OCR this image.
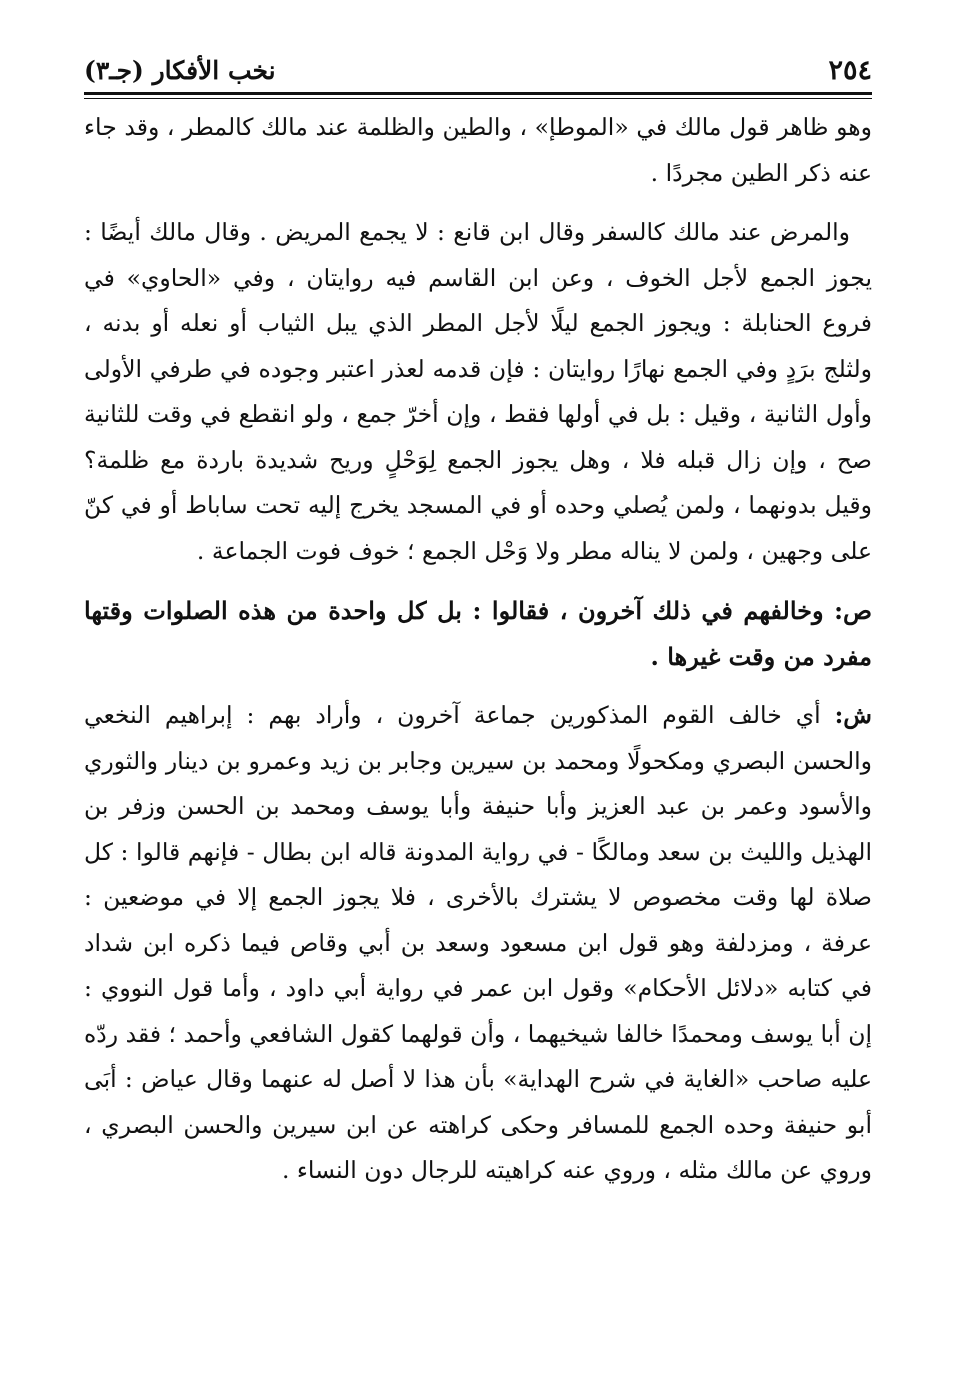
٢٥٤
نخب الأفكار (جـ٣)

وهو ظاهر قول مالك في «الموطإ» ، والطين والظلمة عند مالك كالمطر ، وقد جاء عنه ذكر الطين مجردًا .

والمرض عند مالك كالسفر وقال ابن قانع : لا يجمع المريض . وقال مالك أيضًا : يجوز الجمع لأجل الخوف ، وعن ابن القاسم فيه روايتان ، وفي «الحاوي» في فروع الحنابلة : ويجوز الجمع ليلًا لأجل المطر الذي يبل الثياب أو نعله أو بدنه ، ولثلج برَدٍ وفي الجمع نهارًا روايتان : فإن قدمه لعذر اعتبر وجوده في طرفي الأولى وأول الثانية ، وقيل : بل في أولها فقط ، وإن أخرّ جمع ، ولو انقطع في وقت للثانية صح ، وإن زال قبله فلا ، وهل يجوز الجمع لِوَحْلٍ وريح شديدة باردة مع ظلمة؟ وقيل بدونهما ، ولمن يُصلي وحده أو في المسجد يخرج إليه تحت ساباط أو في كنّ على وجهين ، ولمن لا يناله مطر ولا وَحْل الجمع ؛ خوف فوت الجماعة .

ص: وخالفهم في ذلك آخرون ، فقالوا : بل كل واحدة من هذه الصلوات وقتها مفرد من وقت غيرها .

ش: أي خالف القوم المذكورين جماعة آخرون ، وأراد بهم : إبراهيم النخعي والحسن البصري ومكحولًا ومحمد بن سيرين وجابر بن زيد وعمرو بن دينار والثوري والأسود وعمر بن عبد العزيز وأبا حنيفة وأبا يوسف ومحمد بن الحسن وزفر بن الهذيل والليث بن سعد ومالكًا - في رواية المدونة قاله ابن بطال - فإنهم قالوا : كل صلاة لها وقت مخصوص لا يشترك بالأخرى ، فلا يجوز الجمع إلا في موضعين : عرفة ، ومزدلفة وهو قول ابن مسعود وسعد بن أبي وقاص فيما ذكره ابن شداد في كتابه «دلائل الأحكام» وقول ابن عمر في رواية أبي داود ، وأما قول النووي : إن أبا يوسف ومحمدًا خالفا شيخيهما ، وأن قولهما كقول الشافعي وأحمد ؛ فقد ردّه عليه صاحب «الغاية في شرح الهداية» بأن هذا لا أصل له عنهما وقال عياض : أبَى أبو حنيفة وحده الجمع للمسافر وحكى كراهته عن ابن سيرين والحسن البصري ، وروي عن مالك مثله ، وروي عنه كراهيته للرجال دون النساء .
